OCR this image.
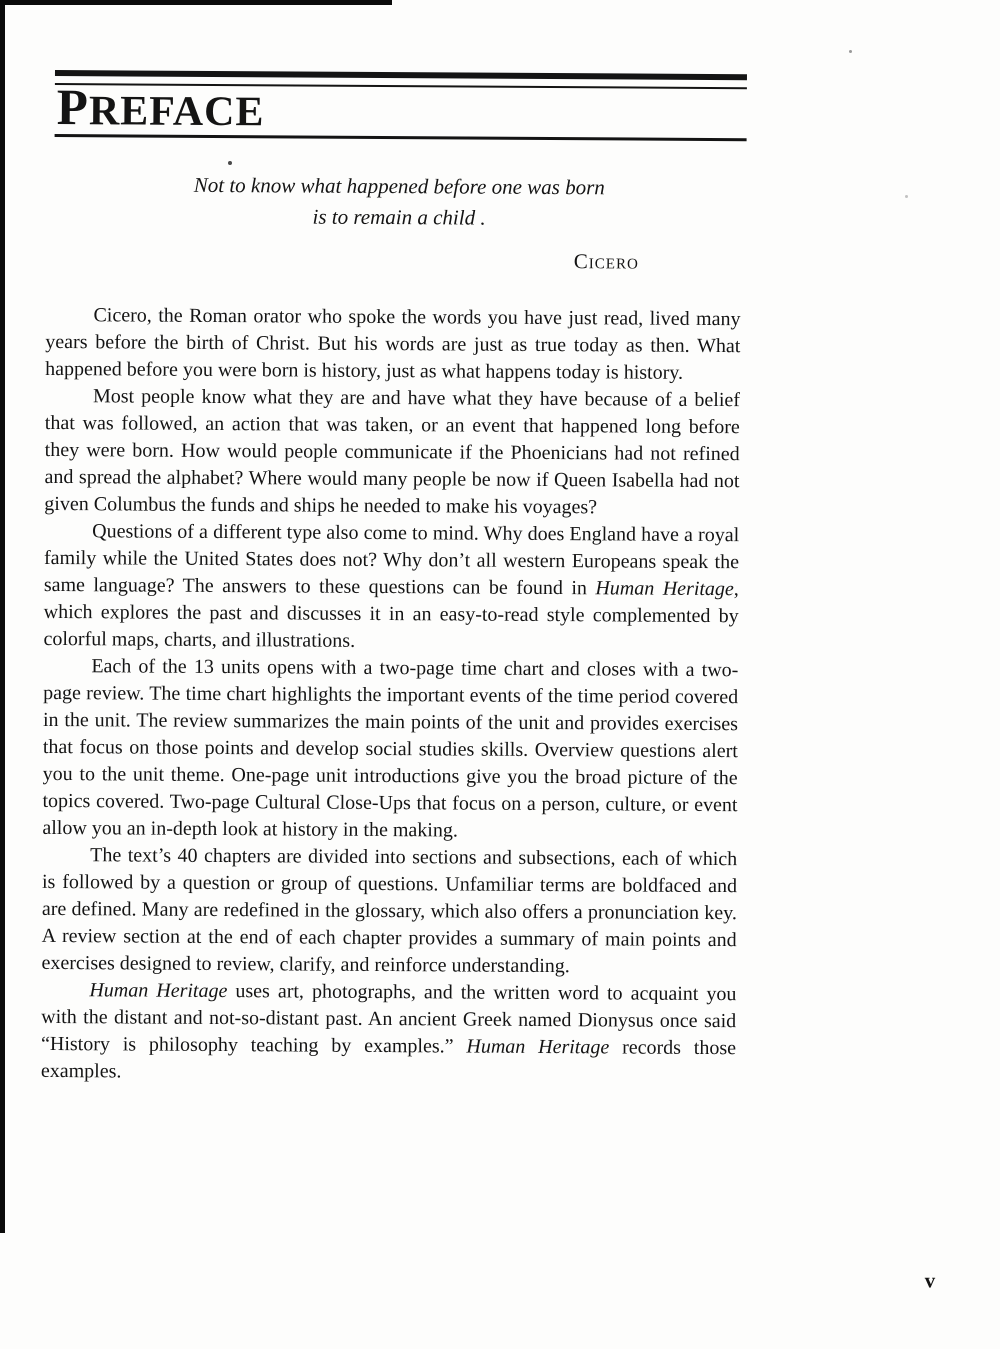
PREFACE

Not to know what happened before one was born

is to remain a child .

Cicero

Cicero, the Roman orator who spoke the words you have just read, lived many years before the birth of Christ. But his words are just as true today as then. What happened before you were born is history, just as what happens today is history.

Most people know what they are and have what they have because of a belief that was followed, an action that was taken, or an event that happened long before they were born. How would people communicate if the Phoenicians had not refined and spread the alphabet? Where would many people be now if Queen Isabella had not given Columbus the funds and ships he needed to make his voyages?

Questions of a different type also come to mind. Why does England have a royal family while the United States does not? Why don’t all western Europeans speak the same language? The answers to these questions can be found in Human Heritage, which explores the past and discusses it in an easy-to-read style complemented by colorful maps, charts, and illustrations.

Each of the 13 units opens with a two-page time chart and closes with a two-page review. The time chart highlights the important events of the time period covered in the unit. The review summarizes the main points of the unit and provides exercises that focus on those points and develop social studies skills. Overview questions alert you to the unit theme. One-page unit introductions give you the broad picture of the topics covered. Two-page Cultural Close-Ups that focus on a person, culture, or event allow you an in-depth look at history in the making.

The text’s 40 chapters are divided into sections and subsections, each of which is followed by a question or group of questions. Unfamiliar terms are boldfaced and are defined. Many are redefined in the glossary, which also offers a pronunciation key. A review section at the end of each chapter provides a summary of main points and exercises designed to review, clarify, and reinforce understanding.

Human Heritage uses art, photographs, and the written word to acquaint you with the distant and not-so-distant past. An ancient Greek named Dionysus once said “History is philosophy teaching by examples.” Human Heritage records those examples.

v
